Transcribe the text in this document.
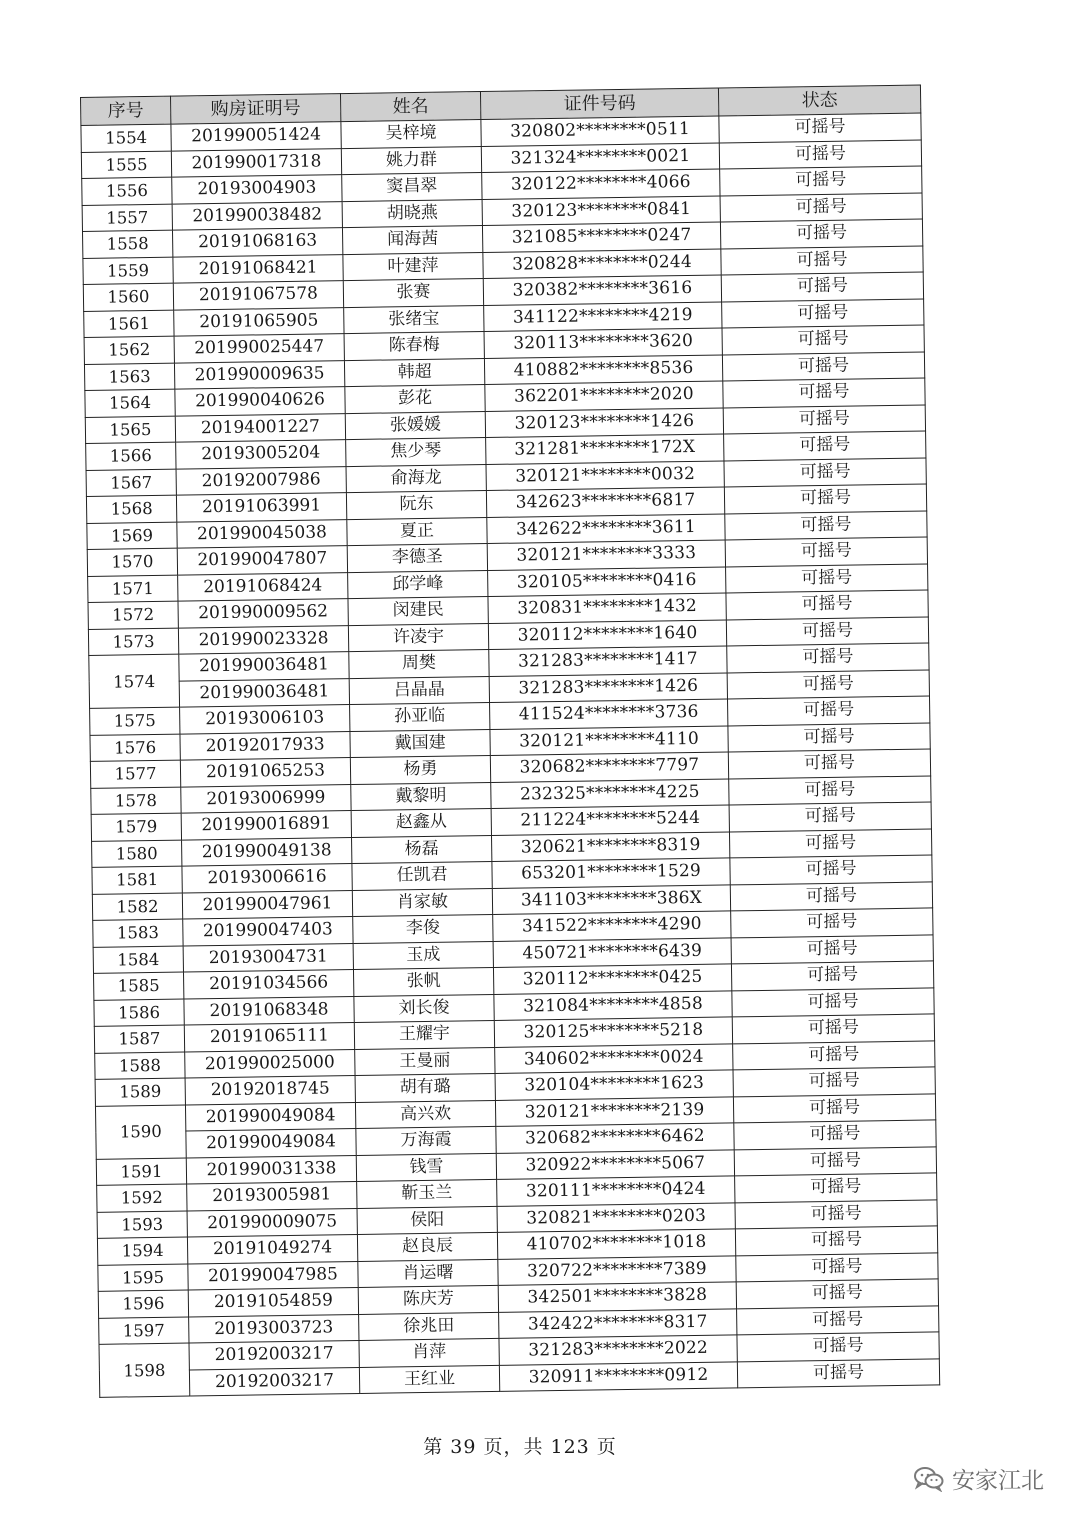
序号	购房证明号	姓名	证件号码	状态
1554	201990051424	吴梓境	320802********0511	可摇号
1555	201990017318	姚力群	321324********0021	可摇号
1556	20193004903	窦昌翠	320122********4066	可摇号
1557	201990038482	胡晓燕	320123********0841	可摇号
1558	20191068163	闻海茜	321085********0247	可摇号
1559	20191068421	叶建萍	320828********0244	可摇号
1560	20191067578	张赛	320382********3616	可摇号
1561	20191065905	张绪宝	341122********4219	可摇号
1562	201990025447	陈春梅	320113********3620	可摇号
1563	201990009635	韩超	410882********8536	可摇号
1564	201990040626	彭花	362201********2020	可摇号
1565	20194001227	张媛媛	320123********1426	可摇号
1566	20193005204	焦少琴	321281********172X	可摇号
1567	20192007986	俞海龙	320121********0032	可摇号
1568	20191063991	阮东	342623********6817	可摇号
1569	201990045038	夏正	342622********3611	可摇号
1570	201990047807	李德圣	320121********3333	可摇号
1571	20191068424	邱学峰	320105********0416	可摇号
1572	201990009562	闵建民	320831********1432	可摇号
1573	201990023328	许凌宇	320112********1640	可摇号
1574	201990036481	周樊	321283********1417	可摇号
	201990036481	吕晶晶	321283********1426	可摇号
1575	20193006103	孙亚临	411524********3736	可摇号
1576	20192017933	戴国建	320121********4110	可摇号
1577	20191065253	杨勇	320682********7797	可摇号
1578	20193006999	戴黎明	232325********4225	可摇号
1579	201990016891	赵鑫从	211224********5244	可摇号
1580	201990049138	杨磊	320621********8319	可摇号
1581	20193006616	任凯君	653201********1529	可摇号
1582	201990047961	肖家敏	341103********386X	可摇号
1583	201990047403	李俊	341522********4290	可摇号
1584	20193004731	玉成	450721********6439	可摇号
1585	20191034566	张帆	320112********0425	可摇号
1586	20191068348	刘长俊	321084********4858	可摇号
1587	20191065111	王耀宇	320125********5218	可摇号
1588	201990025000	王曼丽	340602********0024	可摇号
1589	20192018745	胡有璐	320104********1623	可摇号
1590	201990049084	高兴欢	320121********2139	可摇号
	201990049084	万海霞	320682********6462	可摇号
1591	201990031338	钱雪	320922********5067	可摇号
1592	20193005981	靳玉兰	320111********0424	可摇号
1593	201990009075	侯阳	320821********0203	可摇号
1594	20191049274	赵良辰	410702********1018	可摇号
1595	201990047985	肖运曙	320722********7389	可摇号
1596	20191054859	陈庆芳	342501********3828	可摇号
1597	20193003723	徐兆田	342422********8317	可摇号
1598	20192003217	肖萍	321283********2022	可摇号
	20192003217	王红业	320911********0912	可摇号
第 39 页，共 123 页
安家江北
